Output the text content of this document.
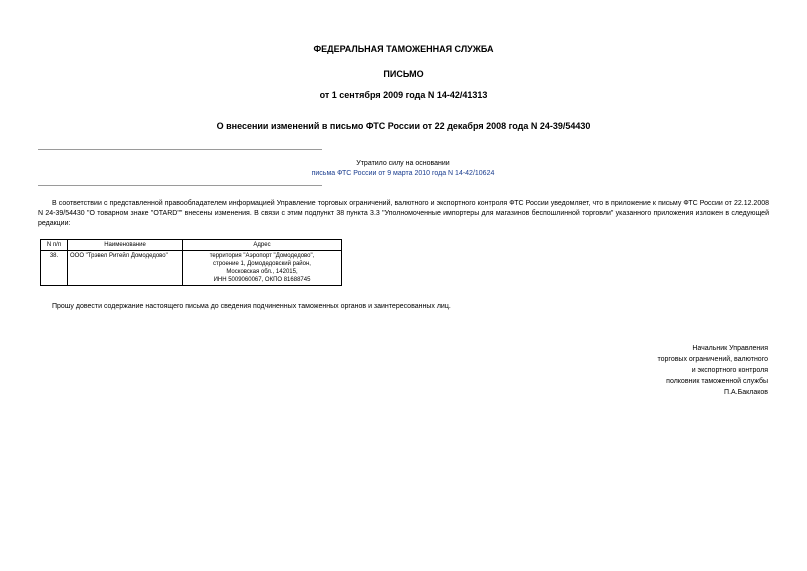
ФЕДЕРАЛЬНАЯ ТАМОЖЕННАЯ СЛУЖБА
ПИСЬМО
от 1 сентября 2009 года N 14-42/41313
О внесении изменений в письмо ФТС России от 22 декабря 2008 года N 24-39/54430
Утратило силу на основании
письма ФТС России от 9 марта 2010 года N 14-42/10624
В соответствии с представленной правообладателем информацией Управление торговых ограничений, валютного и экспортного контроля ФТС России уведомляет, что в приложение к письму ФТС России от 22.12.2008 N 24-39/54430 "О товарном знаке "OTARD"" внесены изменения. В связи с этим подпункт 38 пункта 3.3 "Уполномоченные импортеры для магазинов беспошлинной торговли" указанного приложения изложен в следующей редакции:
N п/п	Наименование	Адрес
38.	ООО "Трэвел Ритейл Домодедово"	территория "Аэропорт "Домодедово",
строение 1, Домодедовский район,
Московская обл., 142015,
ИНН 5009060067, ОКПО 81688745
Прошу довести содержание настоящего письма до сведения подчиненных таможенных органов и заинтересованных лиц.
Начальник Управления
торговых ограничений, валютного
и экспортного контроля
полковник таможенной службы
П.А.Баклаков
